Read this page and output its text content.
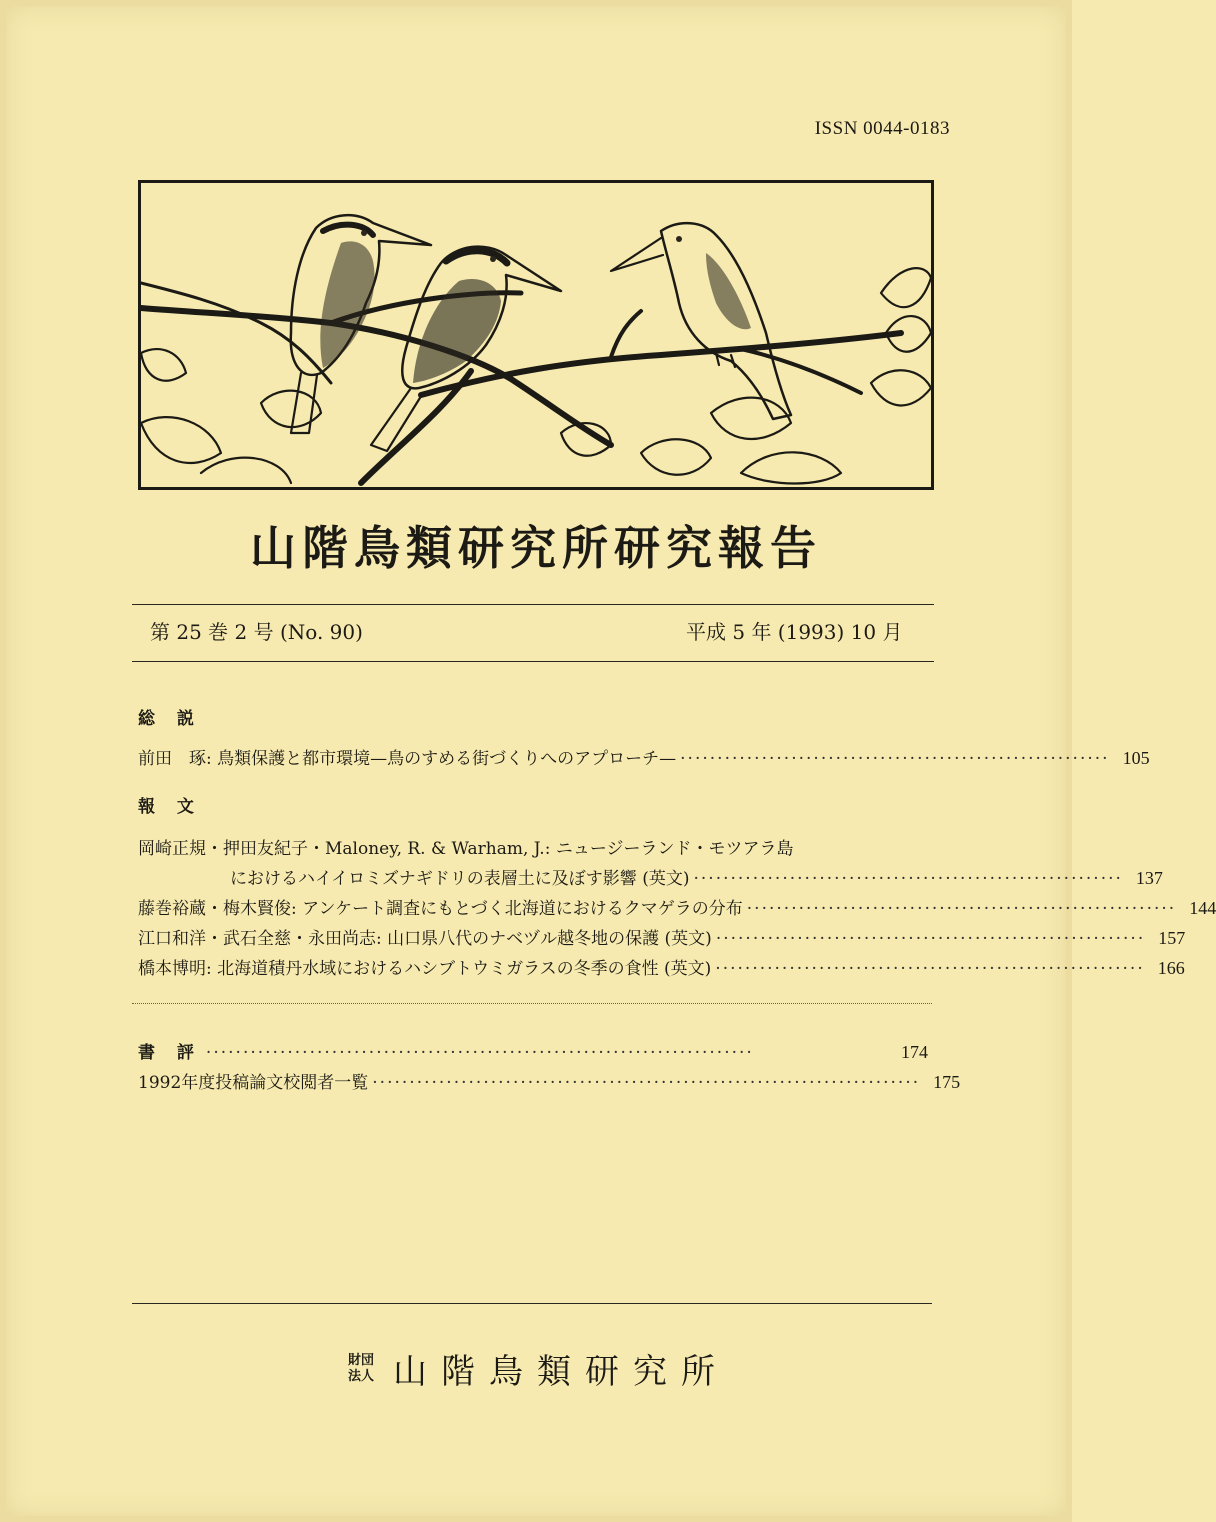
ISSN 0044-0183
山階鳥類研究所研究報告
第 25 巻 2 号 (No. 90)	平成 5 年 (1993) 10 月
総 説
前田　琢: 鳥類保護と都市環境—鳥のすめる街づくりへのアプローチ— ·························································· 105
報 文
岡崎正規・押田友紀子・Maloney, R. & Warham, J.: ニュージーランド・モツアラ島
におけるハイイロミズナギドリの表層土に及ぼす影響 (英文) ·························································· 137
藤巻裕蔵・梅木賢俊: アンケート調査にもとづく北海道におけるクマゲラの分布 ·························································· 144
江口和洋・武石全慈・永田尚志: 山口県八代のナベヅル越冬地の保護 (英文) ·························································· 157
橋本博明: 北海道積丹水域におけるハシブトウミガラスの冬季の食性 (英文) ·························································· 166
書 評 ··········································································	174
1992年度投稿論文校閲者一覧 ·········································································· 175
財団
法人 山階鳥類研究所
